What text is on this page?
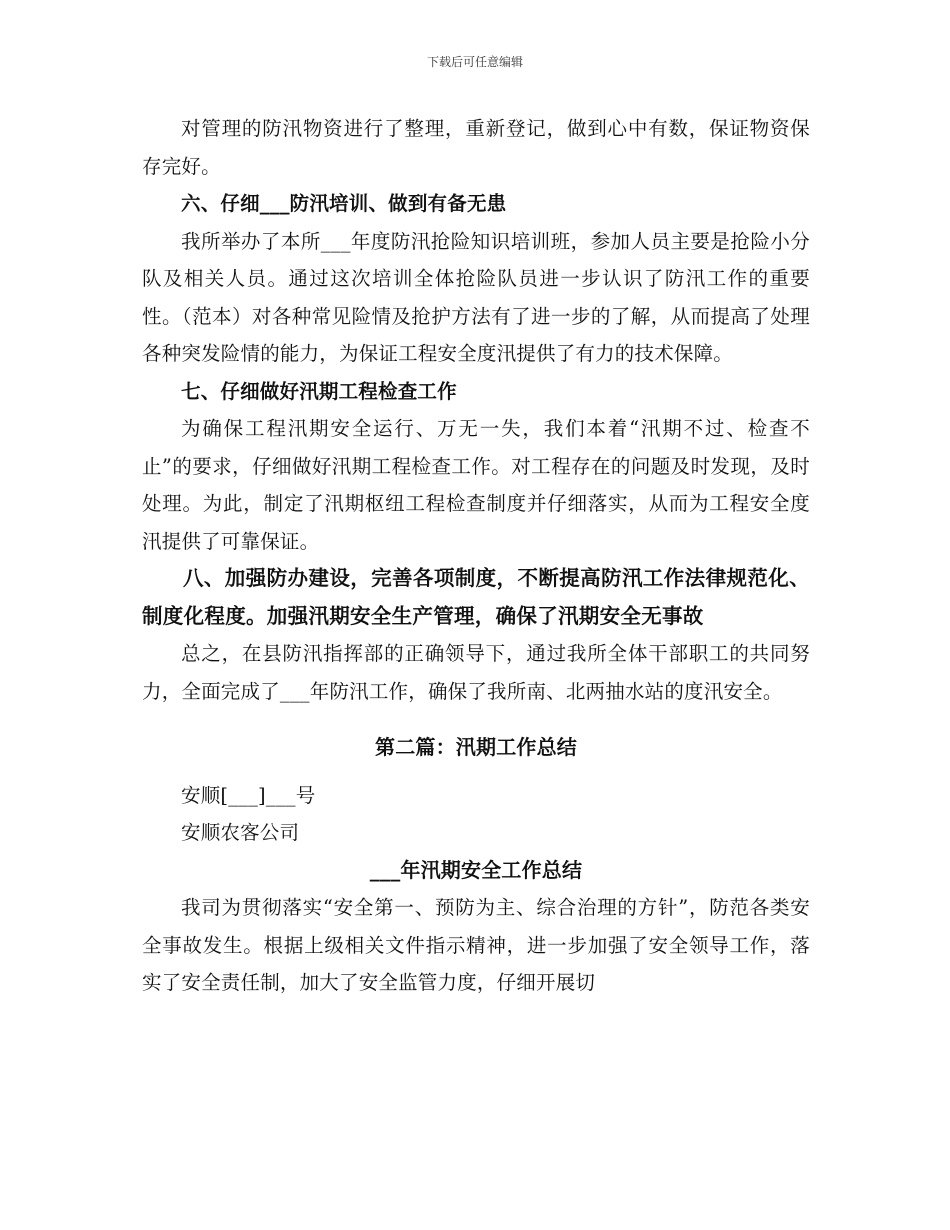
下载后可任意编辑

对管理的防汛物资进行了整理，重新登记，做到心中有数，保证物资保存完好。

六、仔细___防汛培训、做到有备无患

我所举办了本所___年度防汛抢险知识培训班，参加人员主要是抢险小分队及相关人员。通过这次培训全体抢险队员进一步认识了防汛工作的重要性。（范本）对各种常见险情及抢护方法有了进一步的了解，从而提高了处理各种突发险情的能力，为保证工程安全度汛提供了有力的技术保障。

七、仔细做好汛期工程检查工作

为确保工程汛期安全运行、万无一失，我们本着“汛期不过、检查不止”的要求，仔细做好汛期工程检查工作。对工程存在的问题及时发现，及时处理。为此，制定了汛期枢纽工程检查制度并仔细落实，从而为工程安全度汛提供了可靠保证。

八、加强防办建设，完善各项制度，不断提高防汛工作法律规范化、制度化程度。加强汛期安全生产管理，确保了汛期安全无事故

总之，在县防汛指挥部的正确领导下，通过我所全体干部职工的共同努力，全面完成了___年防汛工作，确保了我所南、北两抽水站的度汛安全。

第二篇：汛期工作总结

安顺[___]___号

安顺农客公司

___年汛期安全工作总结

我司为贯彻落实“安全第一、预防为主、综合治理的方针”，防范各类安全事故发生。根据上级相关文件指示精神，进一步加强了安全领导工作，落实了安全责任制，加大了安全监管力度，仔细开展切
